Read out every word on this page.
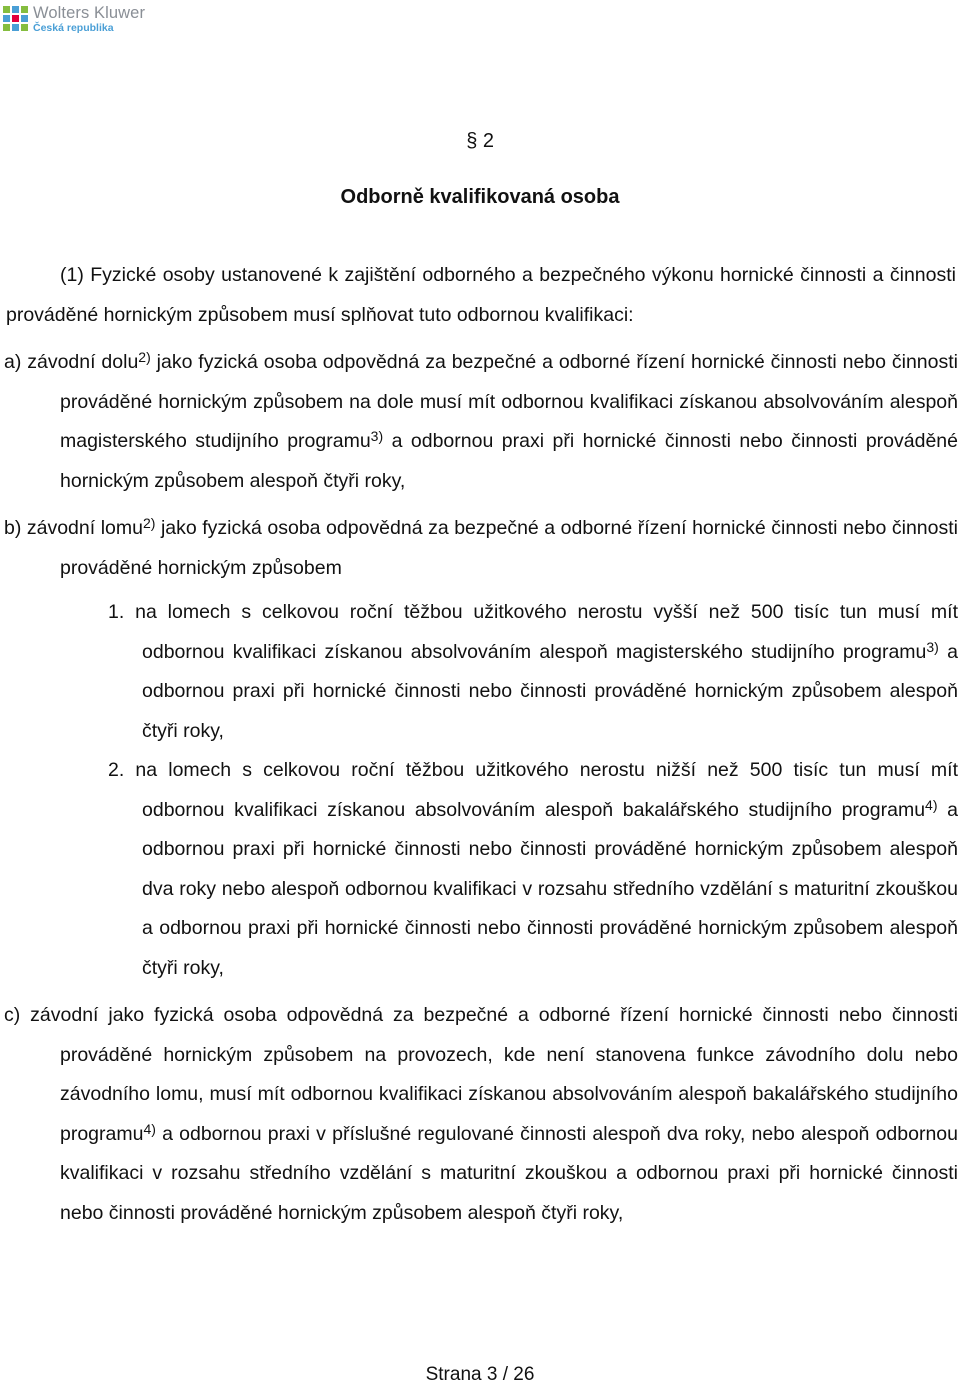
Wolters Kluwer
Česká republika
§ 2
Odborně kvalifikovaná osoba

(1) Fyzické osoby ustanovené k zajištění odborného a bezpečného výkonu hornické činnosti a činnosti prováděné hornickým způsobem musí splňovat tuto odbornou kvalifikaci:

a) závodní dolu$^{2)}$ jako fyzická osoba odpovědná za bezpečné a odborné řízení hornické činnosti nebo činnosti prováděné hornickým způsobem na dole musí mít odbornou kvalifikaci získanou absolvováním alespoň magisterského studijního programu$^{3)}$ a odbornou praxi při hornické činnosti nebo činnosti prováděné hornickým způsobem alespoň čtyři roky,

b) závodní lomu$^{2)}$ jako fyzická osoba odpovědná za bezpečné a odborné řízení hornické činnosti nebo činnosti prováděné hornickým způsobem

1. na lomech s celkovou roční těžbou užitkového nerostu vyšší než 500 tisíc tun musí mít odbornou kvalifikaci získanou absolvováním alespoň magisterského studijního programu$^{3)}$ a odbornou praxi při hornické činnosti nebo činnosti prováděné hornickým způsobem alespoň čtyři roky,

2. na lomech s celkovou roční těžbou užitkového nerostu nižší než 500 tisíc tun musí mít odbornou kvalifikaci získanou absolvováním alespoň bakalářského studijního programu$^{4)}$ a odbornou praxi při hornické činnosti nebo činnosti prováděné hornickým způsobem alespoň dva roky nebo alespoň odbornou kvalifikaci v rozsahu středního vzdělání s maturitní zkouškou a odbornou praxi při hornické činnosti nebo činnosti prováděné hornickým způsobem alespoň čtyři roky,

c) závodní jako fyzická osoba odpovědná za bezpečné a odborné řízení hornické činnosti nebo činnosti prováděné hornickým způsobem na provozech, kde není stanovena funkce závodního dolu nebo závodního lomu, musí mít odbornou kvalifikaci získanou absolvováním alespoň bakalářského studijního programu$^{4)}$ a odbornou praxi v příslušné regulované činnosti alespoň dva roky, nebo alespoň odbornou kvalifikaci v rozsahu středního vzdělání s maturitní zkouškou a odbornou praxi při hornické činnosti nebo činnosti prováděné hornickým způsobem alespoň čtyři roky,

Strana 3 / 26
